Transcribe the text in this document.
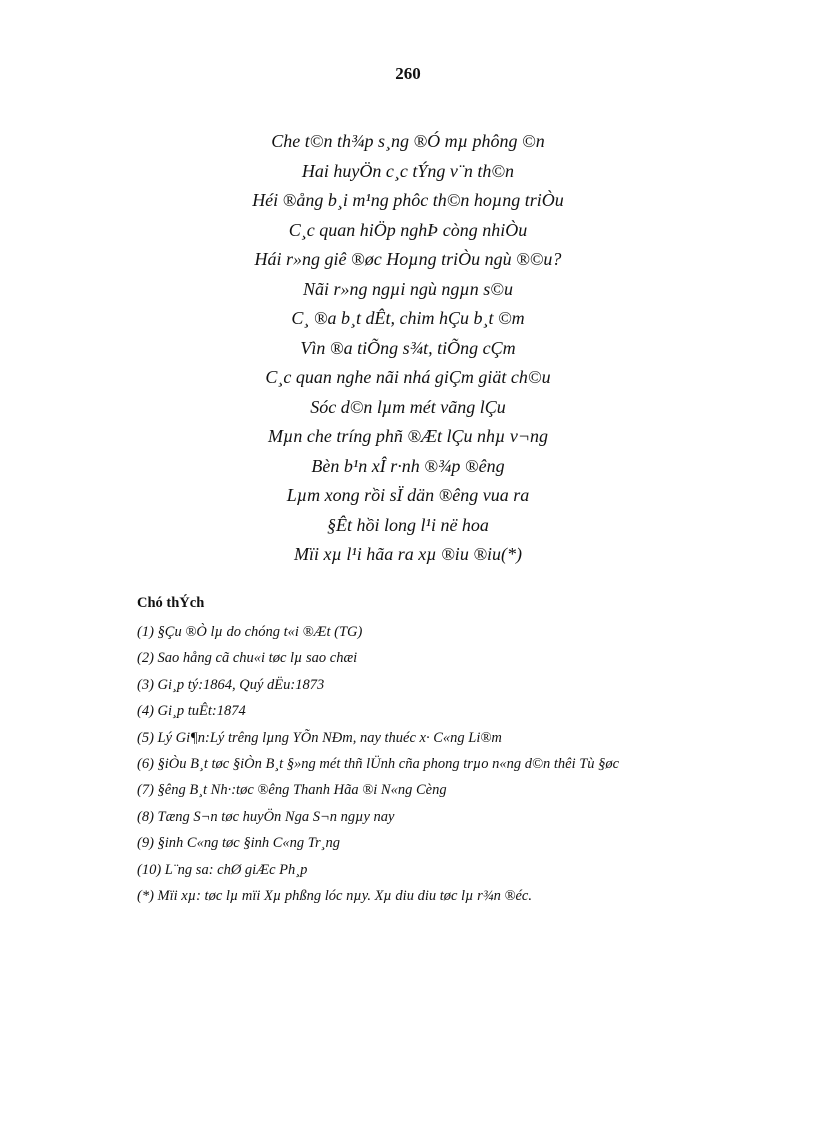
260
Che t©n th¾p s¸ng ®Ó mµ phông ©n
Hai huyÖn c¸c tÝng v¨n th©n
Héi ®ång b¸i m¹ng phôc th©n hoµng triÒu
C¸c quan hiÖp nghÞ còng nhiÒu
Hái r»ng giê ®øc Hoµng triÒu ngù ®©u?
Nãi r»ng ngµi ngù ngµn s©u
C¸ ®a b¸t dÊt, chim hÇu b¸t ©m
Vìn ®a tiÕng s¾t, tiÕng cÇm
C¸c quan nghe nãi nhá giÇm giät ch©u
Sóc d©n lµm mét vãng lÇu
Mµn che tríng phñ ®Æt lÇu nhµ v¬ng
Bèn b¹n xÎ r·nh ®¾p ®êng
Lµm xong rồi sÏ dän ®êng vua ra
§Êt hồi long l¹i në hoa
Mïi xµ l¹i hãa ra xµ ®iu ®iu(*)
Chó thÝch
(1) §Çu ®Ò lµ do chóng t«i ®Æt (TG)
(2) Sao hång cã chu«i tøc lµ sao chæi
(3) Gi¸p tý:1864, Quý dËu:1873
(4) Gi¸p tuÊt:1874
(5) Lý Gi¶n:Lý trêng lµng YÕn NÐm, nay thuéc x· C«ng Li®m
(6) §iÒu B¸t tøc §iÒn B¸t §»ng mét thñ lÜnh cña phong trµo n«ng d©n thêi Tù §øc
(7) §êng B¸t Nh·:tøc ®êng Thanh Hãa ®i N«ng Cèng
(8) Tæng S¬n tøc huyÖn Nga S¬n ngµy nay
(9) §inh C«ng tøc §inh C«ng Tr¸ng
(10) L¨ng sa: chØ giÆc Ph¸p
(*) Mïi xµ: tøc lµ mïi Xµ phßng lóc nµy. Xµ diu diu tøc lµ r¾n ®éc.
